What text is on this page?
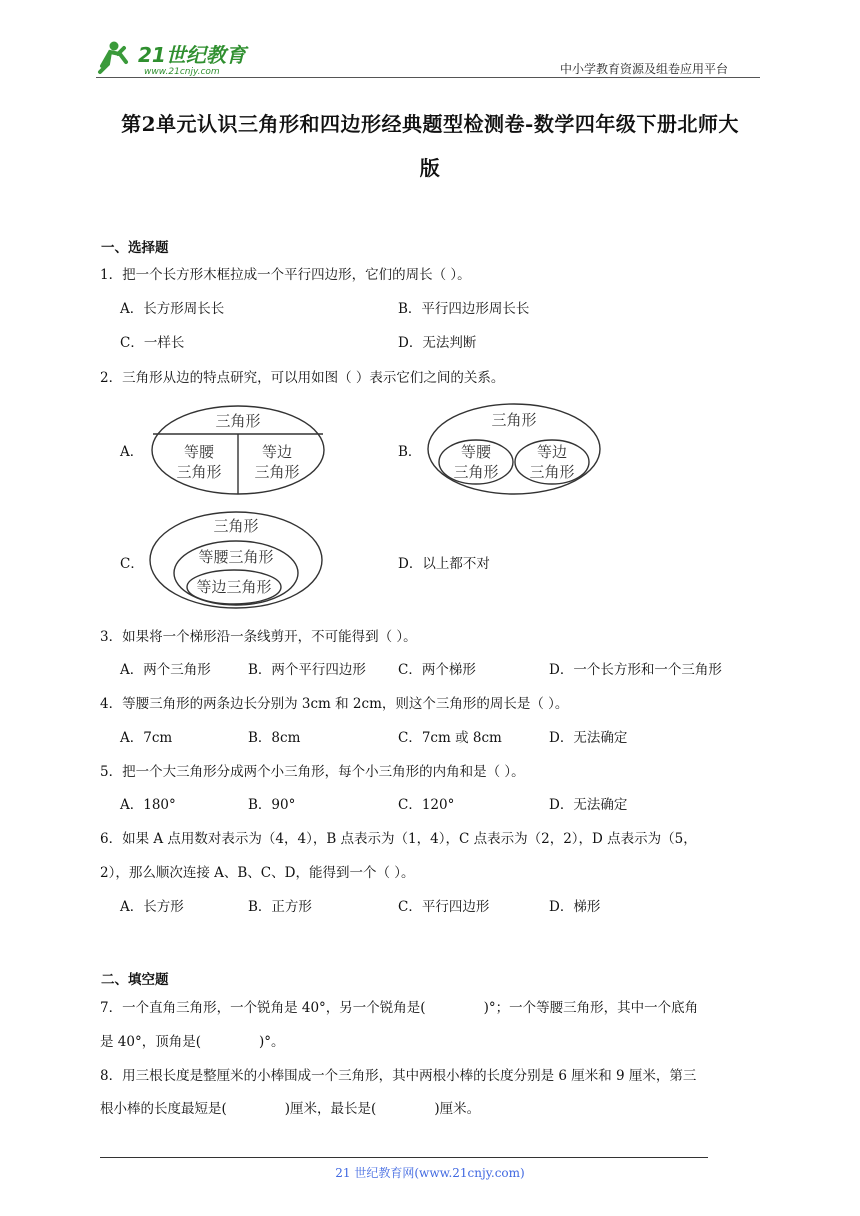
21世纪教育
www.21cnjy.com	中小学教育资源及组卷应用平台
第2单元认识三角形和四边形经典题型检测卷-数学四年级下册北师大
版
一、选择题
1．把一个长方形木框拉成一个平行四边形，它们的周长（ ）。
A．长方形周长长	B．平行四边形周长长
C．一样长	D．无法判断
2．三角形从边的特点研究，可以用如图（ ）表示它们之间的关系。
A．
三角形
等腰
三角形
等边
三角形
B．
三角形
等腰
三角形
等边
三角形
C．
三角形
等腰三角形
等边三角形
D．以上都不对
3．如果将一个梯形沿一条线剪开，不可能得到（ ）。
A．两个三角形	B．两个平行四边形 C．两个梯形	D．一个长方形和一个三角形
4．等腰三角形的两条边长分别为 3cm 和 2cm，则这个三角形的周长是（ ）。
A．7cm	B．8cm	C．7cm 或 8cm	D．无法确定
5．把一个大三角形分成两个小三角形，每个小三角形的内角和是（ ）。
A．180°	B．90°	C．120°	D．无法确定
6．如果 A 点用数对表示为（4，4），B 点表示为（1，4），C 点表示为（2，2），D 点表示为（5，
2），那么顺次连接 A、B、C、D，能得到一个（ ）。
A．长方形	B．正方形	C．平行四边形	D．梯形
二、填空题
7．一个直角三角形，一个锐角是 40°，另一个锐角是(	)°；一个等腰三角形，其中一个底角
是 40°，顶角是(	)°。
8．用三根长度是整厘米的小棒围成一个三角形，其中两根小棒的长度分别是 6 厘米和 9 厘米，第三
根小棒的长度最短是(	)厘米，最长是(	)厘米。
21 世纪教育网(www.21cnjy.com)
